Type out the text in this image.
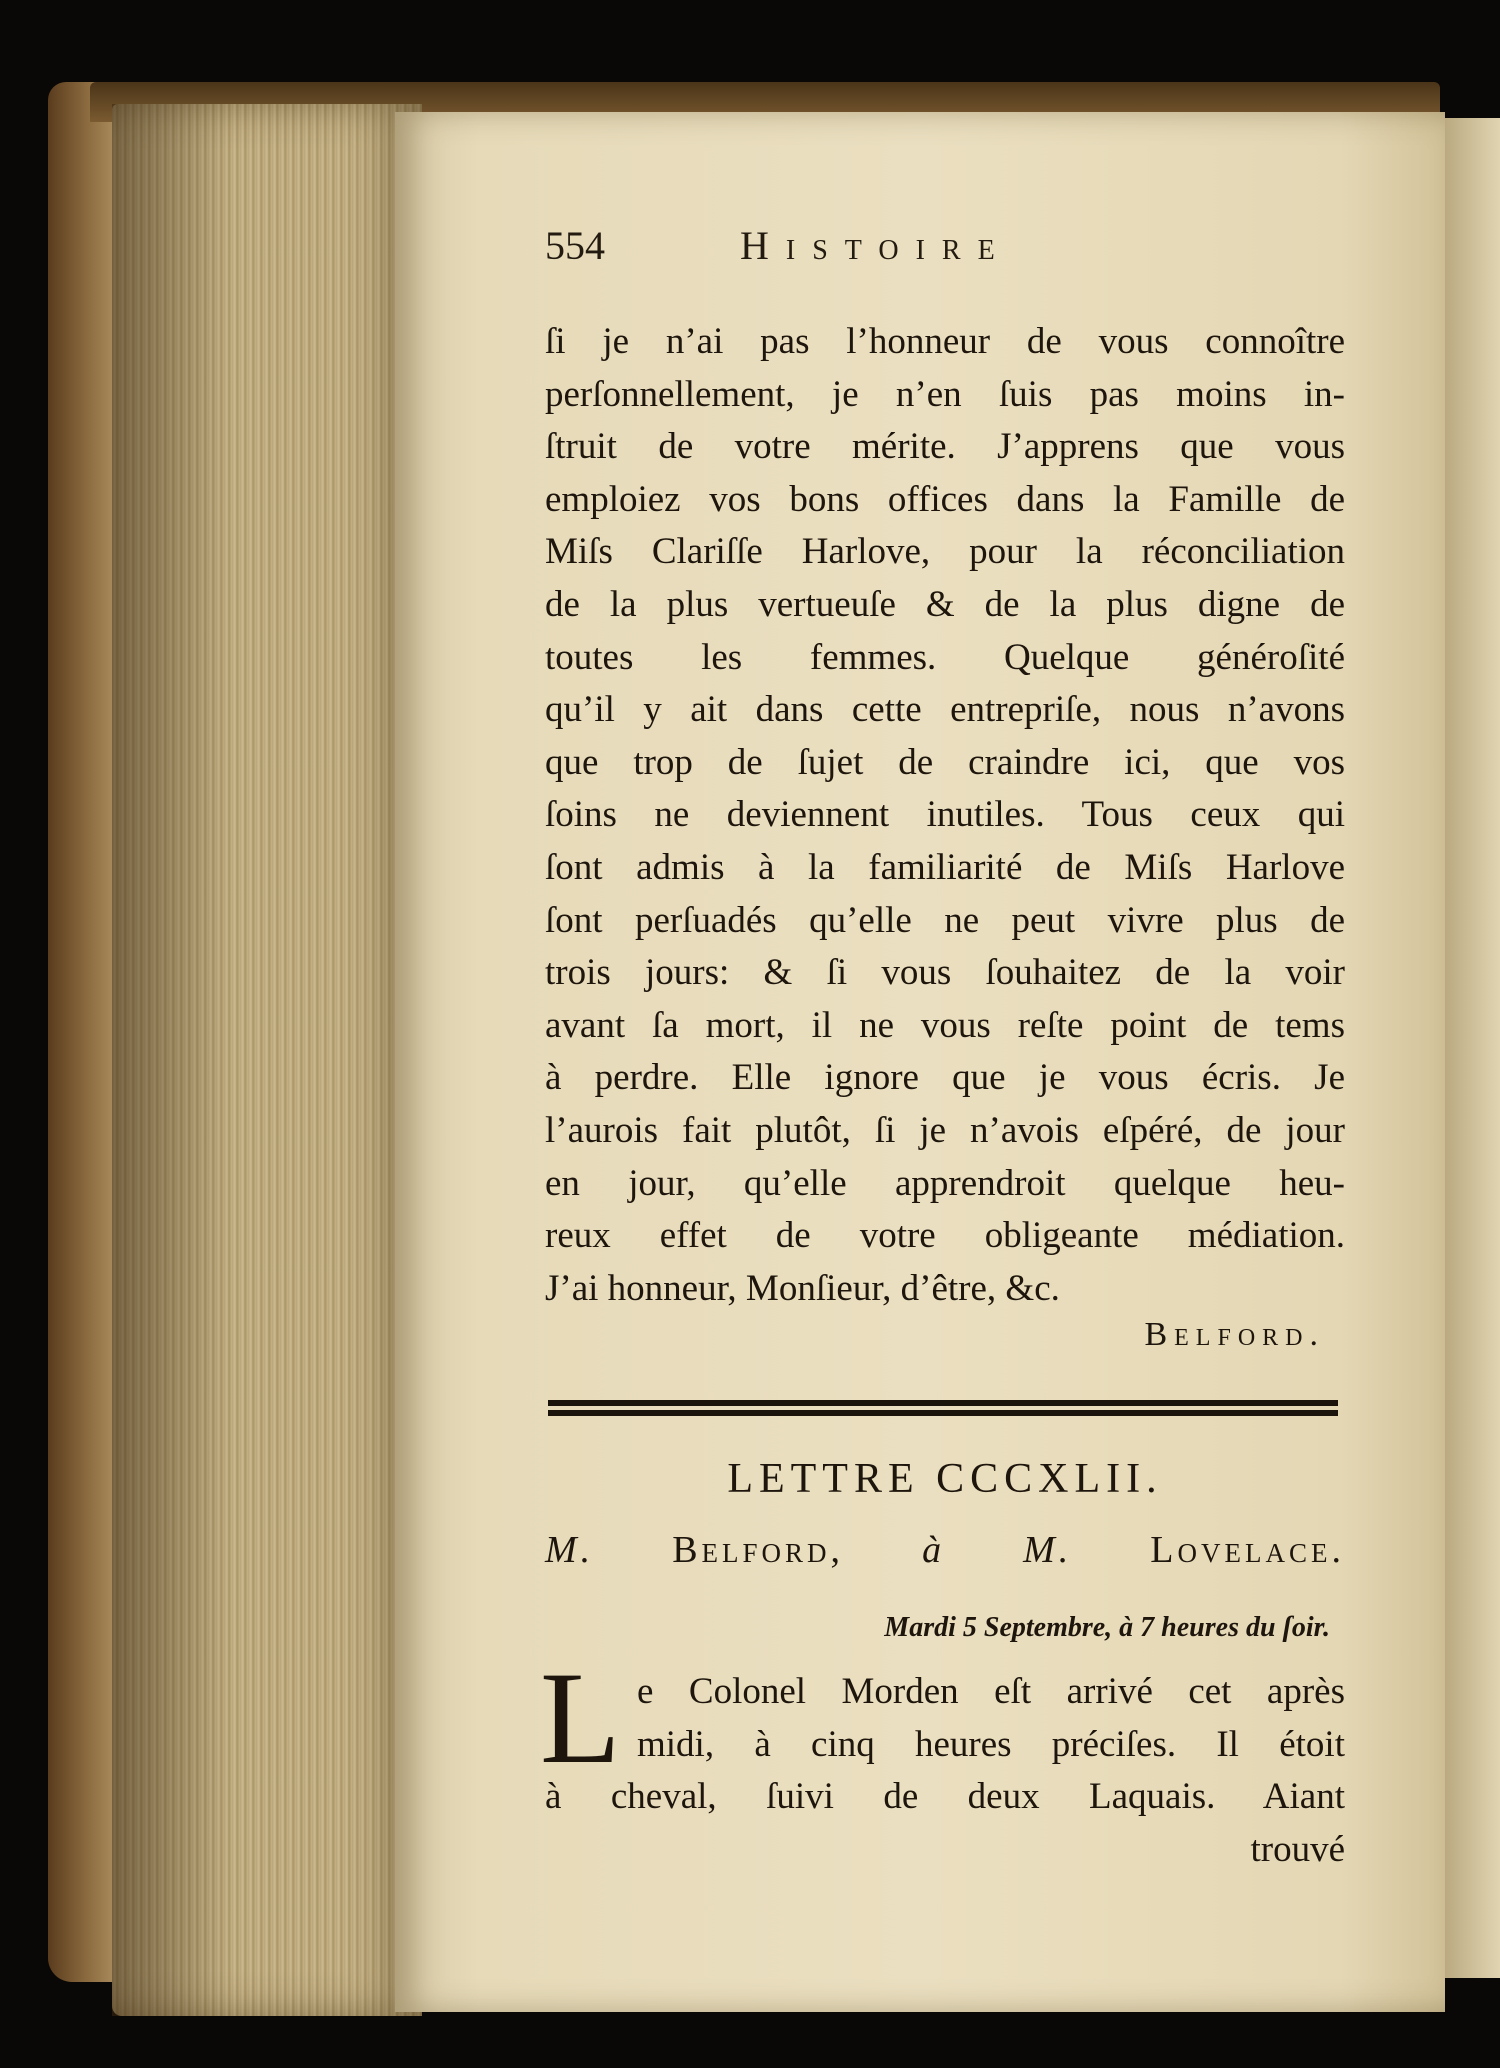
554	Histoire
ſi je n’ai pas l’honneur de vous connoître
perſonnellement, je n’en ſuis pas moins in-
ſtruit de votre mérite. J’apprens que vous
emploiez vos bons offices dans la Famille de
Miſs Clariſſe Harlove, pour la réconciliation
de la plus vertueuſe & de la plus digne de
toutes les femmes. Quelque généroſité
qu’il y ait dans cette entrepriſe, nous n’avons
que trop de ſujet de craindre ici, que vos
ſoins ne deviennent inutiles. Tous ceux qui
ſont admis à la familiarité de Miſs Harlove
ſont perſuadés qu’elle ne peut vivre plus de
trois jours: & ſi vous ſouhaitez de la voir
avant ſa mort, il ne vous reſte point de tems
à perdre. Elle ignore que je vous écris. Je
l’aurois fait plutôt, ſi je n’avois eſpéré, de jour
en jour, qu’elle apprendroit quelque heu-
reux effet de votre obligeante médiation.
J’ai honneur, Monſieur, d’être, &c.
Belford.
LETTRE CCCXLII.
M. Belford, à M. Lovelace.
Mardi 5 Septembre, à 7 heures du ſoir.
L e Colonel Morden eſt arrivé cet après
midi, à cinq heures préciſes. Il étoit
à cheval, ſuivi de deux Laquais. Aiant
trouvé
